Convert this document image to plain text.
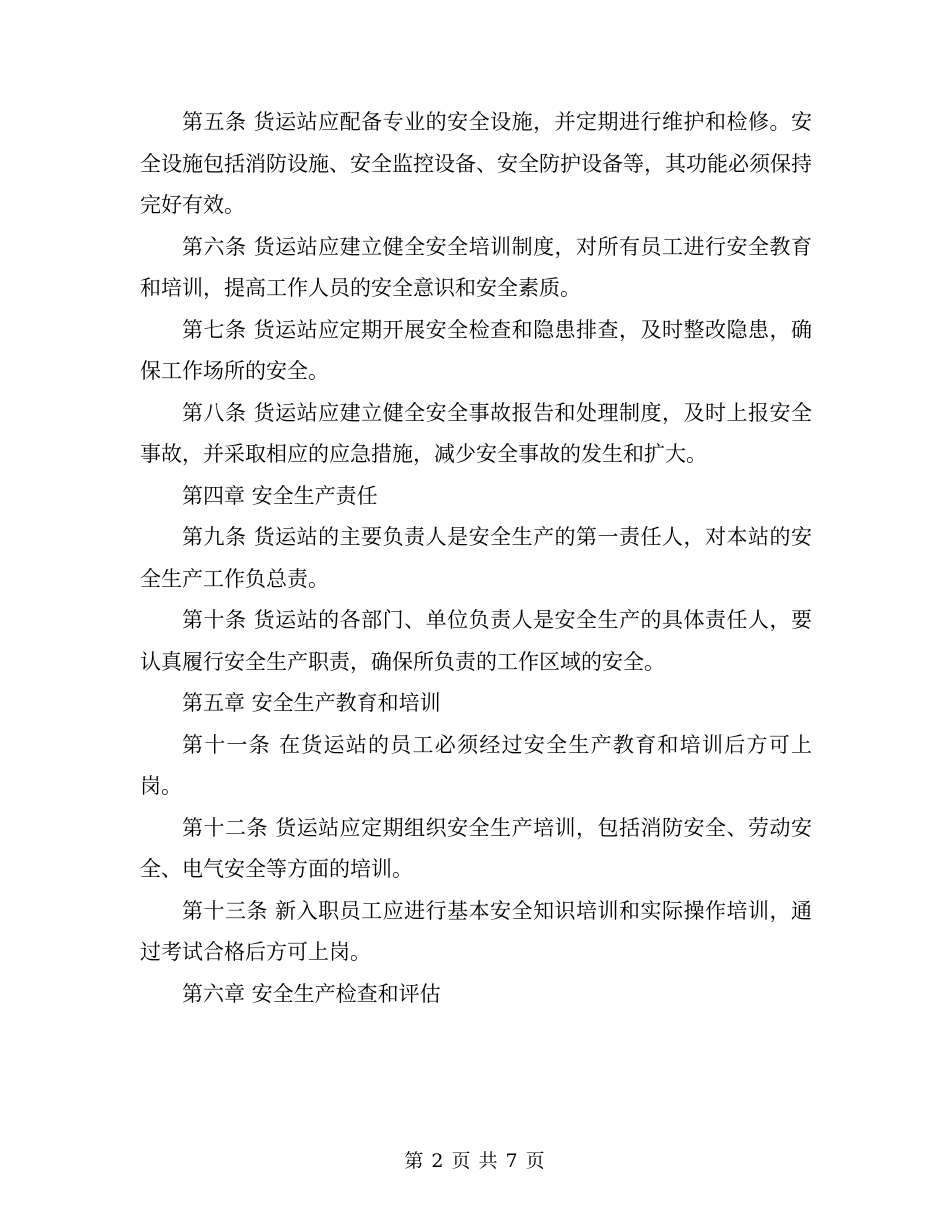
第五条 货运站应配备专业的安全设施，并定期进行维护和检修。安全设施包括消防设施、安全监控设备、安全防护设备等，其功能必须保持完好有效。

第六条 货运站应建立健全安全培训制度，对所有员工进行安全教育和培训，提高工作人员的安全意识和安全素质。

第七条 货运站应定期开展安全检查和隐患排查，及时整改隐患，确保工作场所的安全。

第八条 货运站应建立健全安全事故报告和处理制度，及时上报安全事故，并采取相应的应急措施，减少安全事故的发生和扩大。

第四章 安全生产责任

第九条 货运站的主要负责人是安全生产的第一责任人，对本站的安全生产工作负总责。

第十条 货运站的各部门、单位负责人是安全生产的具体责任人，要认真履行安全生产职责，确保所负责的工作区域的安全。

第五章 安全生产教育和培训

第十一条 在货运站的员工必须经过安全生产教育和培训后方可上岗。

第十二条 货运站应定期组织安全生产培训，包括消防安全、劳动安全、电气安全等方面的培训。

第十三条 新入职员工应进行基本安全知识培训和实际操作培训，通过考试合格后方可上岗。

第六章 安全生产检查和评估

第 2 页 共 7 页
